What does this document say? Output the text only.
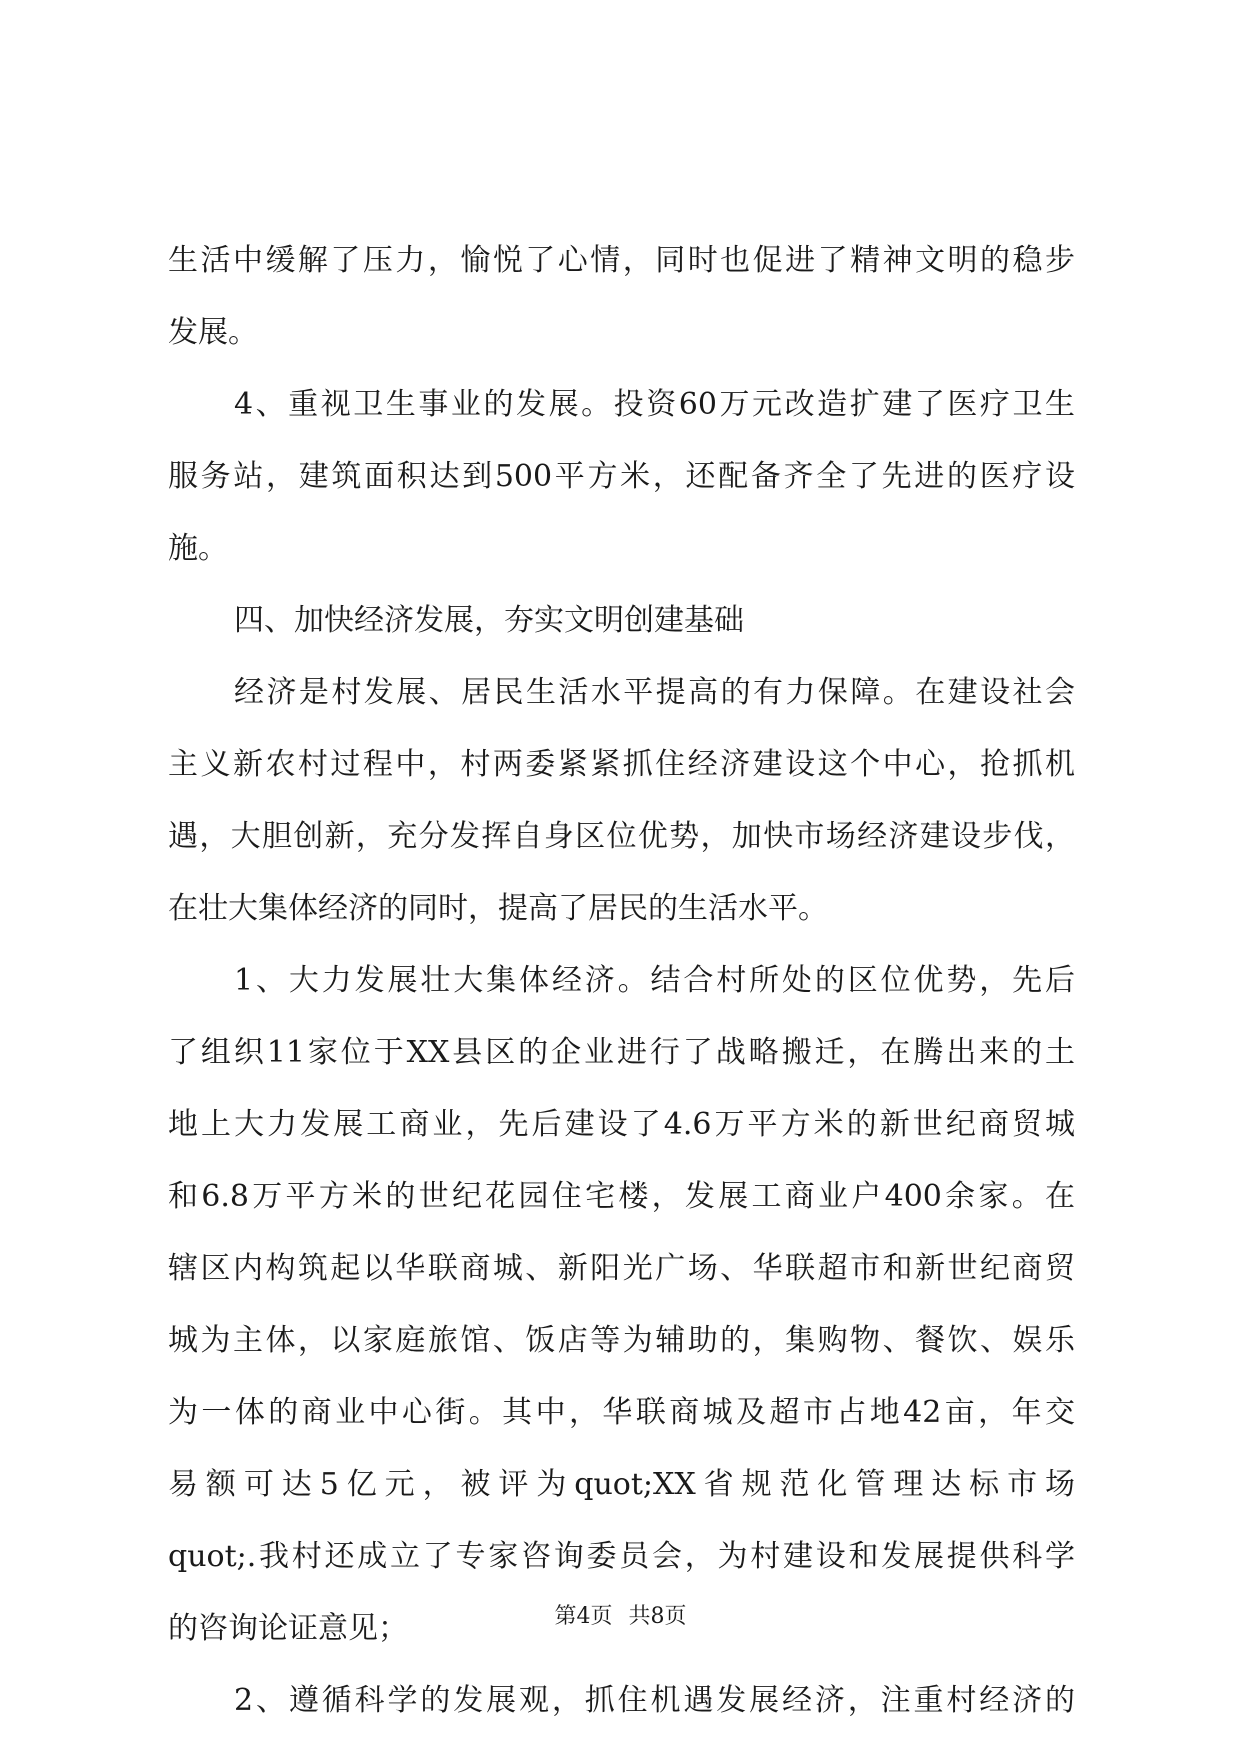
生活中缓解了压力，愉悦了心情，同时也促进了精神文明的稳步
发展。
4、重视卫生事业的发展。投资60万元改造扩建了医疗卫生
服务站，建筑面积达到500平方米，还配备齐全了先进的医疗设
施。
四、加快经济发展，夯实文明创建基础
经济是村发展、居民生活水平提高的有力保障。在建设社会
主义新农村过程中，村两委紧紧抓住经济建设这个中心，抢抓机
遇，大胆创新，充分发挥自身区位优势，加快市场经济建设步伐，
在壮大集体经济的同时，提高了居民的生活水平。
1、大力发展壮大集体经济。结合村所处的区位优势，先后
了组织11家位于XX县区的企业进行了战略搬迁，在腾出来的土
地上大力发展工商业，先后建设了4.6万平方米的新世纪商贸城
和6.8万平方米的世纪花园住宅楼，发展工商业户400余家。在
辖区内构筑起以华联商城、新阳光广场、华联超市和新世纪商贸
城为主体，以家庭旅馆、饭店等为辅助的，集购物、餐饮、娱乐
为一体的商业中心街。其中，华联商城及超市占地42亩，年交
易额可达5亿元，被评为quot;XX省规范化管理达标市场
quot;.我村还成立了专家咨询委员会，为村建设和发展提供科学
的咨询论证意见；
2、遵循科学的发展观，抓住机遇发展经济，注重村经济的
第4页 共8页
